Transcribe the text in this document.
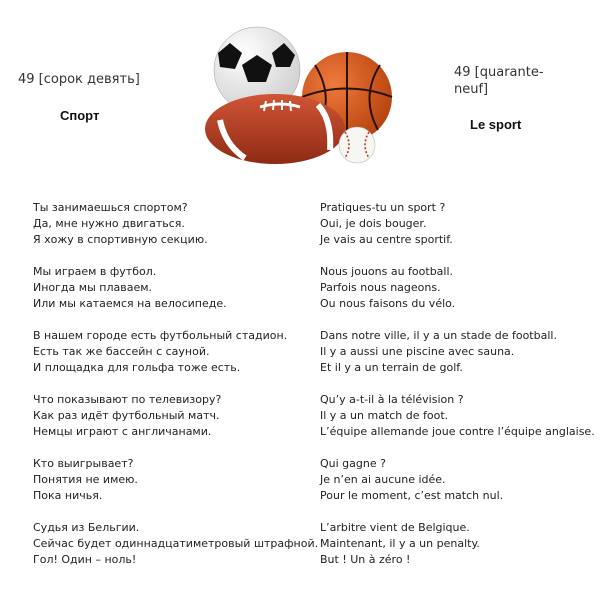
49 [сорок девять]
Спорт
49 [quarante-
neuf]
Le sport
Ты занимаешься спортом?
Да, мне нужно двигаться.
Я хожу в спортивную секцию.
Мы играем в футбол.
Иногда мы плаваем.
Или мы катаемся на велосипеде.
В нашем городе есть футбольный стадион.
Есть так же бассейн с сауной.
И площадка для гольфа тоже есть.
Что показывают по телевизору?
Как раз идёт футбольный матч.
Немцы играют с англичанами.
Кто выигрывает?
Понятия не имею.
Пока ничья.
Судья из Бельгии.
Сейчас будет одиннадцатиметровый штрафной.
Гол! Один – ноль!
Pratiques-tu un sport ?
Oui, je dois bouger.
Je vais au centre sportif.
Nous jouons au football.
Parfois nous nageons.
Ou nous faisons du vélo.
Dans notre ville, il y a un stade de football.
Il y a aussi une piscine avec sauna.
Et il y a un terrain de golf.
Qu’y a-t-il à la télévision ?
Il y a un match de foot.
L’équipe allemande joue contre l’équipe anglaise.
Qui gagne ?
Je n’en ai aucune idée.
Pour le moment, c’est match nul.
L’arbitre vient de Belgique.
Maintenant, il y a un penalty.
But ! Un à zéro !
